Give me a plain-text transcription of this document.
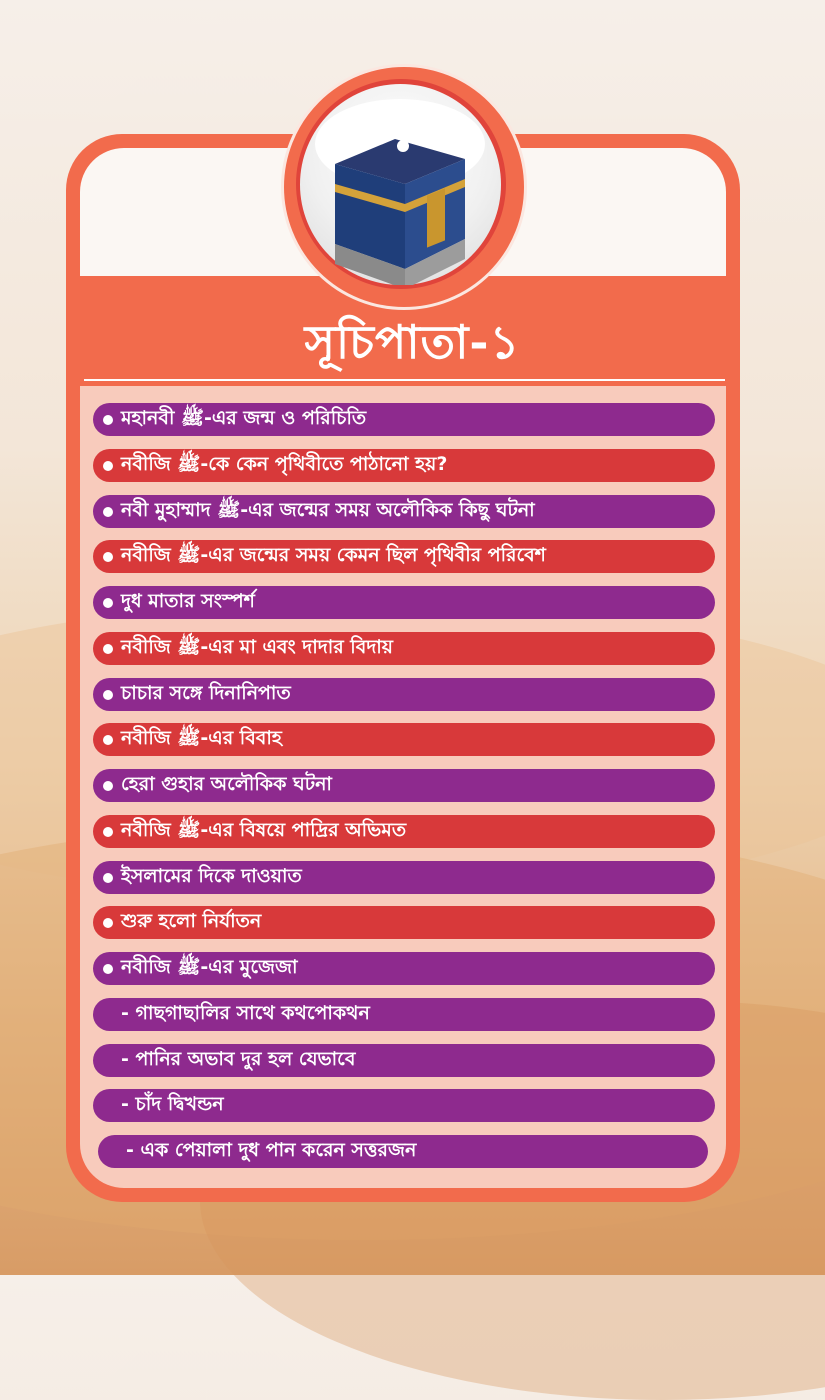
সূচিপাতা-১
মহানবী ﷺ-এর জন্ম ও পরিচিতি
নবীজি ﷺ-কে কেন পৃথিবীতে পাঠানো হয়?
নবী মুহাম্মাদ ﷺ-এর জন্মের সময় অলৌকিক কিছু ঘটনা
নবীজি ﷺ-এর জন্মের সময় কেমন ছিল পৃথিবীর পরিবেশ
দুধ মাতার সংস্পর্শ
নবীজি ﷺ-এর মা এবং দাদার বিদায়
চাচার সঙ্গে দিনানিপাত
নবীজি ﷺ-এর বিবাহ
হেরা গুহার অলৌকিক ঘটনা
নবীজি ﷺ-এর বিষয়ে পাদ্রির অভিমত
ইসলামের দিকে দাওয়াত
শুরু হলো নির্যাতন
নবীজি ﷺ-এর মুজেজা
- গাছগাছালির সাথে কথপোকথন
- পানির অভাব দুর হল যেভাবে
- চাঁদ দ্বিখন্ডন
- এক পেয়ালা দুধ পান করেন সত্তরজন
